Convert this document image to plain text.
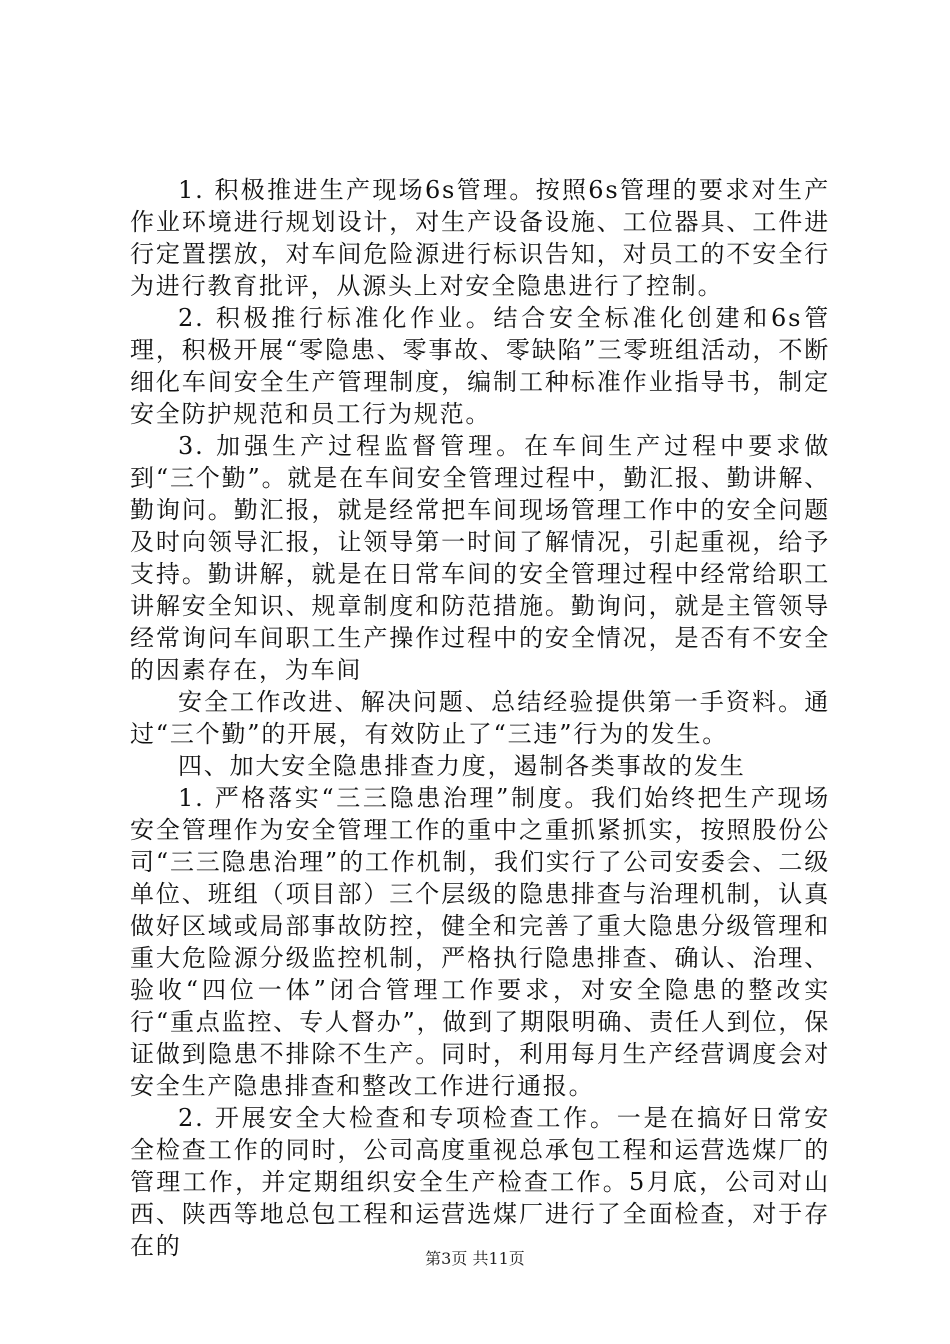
1. 积极推进生产现场6s管理。按照6s管理的要求对生产作业环境进行规划设计，对生产设备设施、工位器具、工件进行定置摆放，对车间危险源进行标识告知，对员工的不安全行为进行教育批评，从源头上对安全隐患进行了控制。

2. 积极推行标准化作业。结合安全标准化创建和6s管理，积极开展“零隐患、零事故、零缺陷”三零班组活动，不断细化车间安全生产管理制度，编制工种标准作业指导书，制定安全防护规范和员工行为规范。

3. 加强生产过程监督管理。在车间生产过程中要求做到“三个勤”。就是在车间安全管理过程中，勤汇报、勤讲解、勤询问。勤汇报，就是经常把车间现场管理工作中的安全问题及时向领导汇报，让领导第一时间了解情况，引起重视，给予支持。勤讲解，就是在日常车间的安全管理过程中经常给职工讲解安全知识、规章制度和防范措施。勤询问，就是主管领导经常询问车间职工生产操作过程中的安全情况，是否有不安全的因素存在，为车间

安全工作改进、解决问题、总结经验提供第一手资料。通过“三个勤”的开展，有效防止了“三违”行为的发生。

四、加大安全隐患排查力度，遏制各类事故的发生

1. 严格落实“三三隐患治理”制度。我们始终把生产现场安全管理作为安全管理工作的重中之重抓紧抓实，按照股份公司“三三隐患治理”的工作机制，我们实行了公司安委会、二级单位、班组（项目部）三个层级的隐患排查与治理机制，认真做好区域或局部事故防控，健全和完善了重大隐患分级管理和重大危险源分级监控机制，严格执行隐患排查、确认、治理、验收“四位一体”闭合管理工作要求，对安全隐患的整改实行“重点监控、专人督办”，做到了期限明确、责任人到位，保证做到隐患不排除不生产。同时，利用每月生产经营调度会对安全生产隐患排查和整改工作进行通报。

2. 开展安全大检查和专项检查工作。一是在搞好日常安全检查工作的同时，公司高度重视总承包工程和运营选煤厂的管理工作，并定期组织安全生产检查工作。5月底，公司对山西、陕西等地总包工程和运营选煤厂进行了全面检查，对于存在的	第3页 共11页
